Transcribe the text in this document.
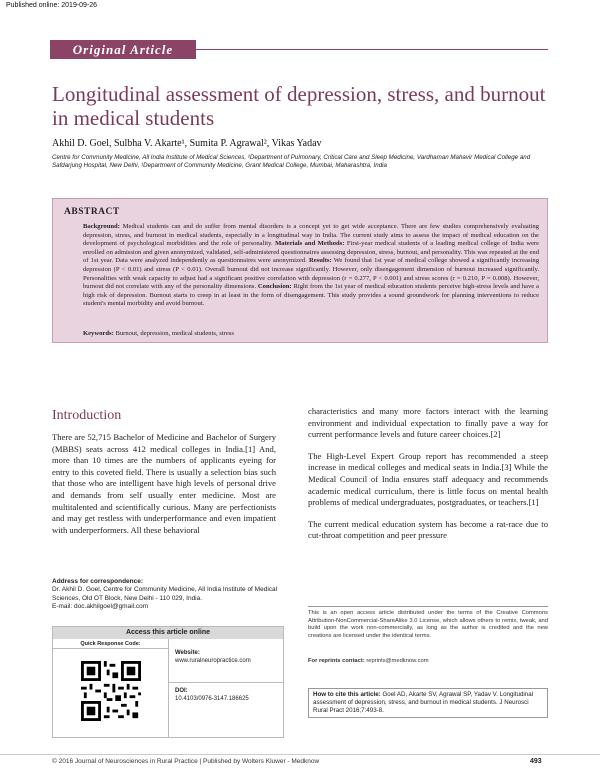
Published online: 2019-09-26
Original Article
Longitudinal assessment of depression, stress, and burnout in medical students
Akhil D. Goel, Sulbha V. Akarte¹, Sumita P. Agrawal², Vikas Yadav
Centre for Community Medicine, All India Institute of Medical Sciences, ²Department of Pulmonary, Critical Care and Sleep Medicine, Vardhaman Mahavir Medical College and Safdarjung Hospital, New Delhi, ¹Department of Community Medicine, Grant Medical College, Mumbai, Maharashtra, India
ABSTRACT
Background: Medical students can and do suffer from mental disorders is a concept yet to get wide acceptance. There are few studies comprehensively evaluating depression, stress, and burnout in medical students, especially in a longitudinal way in India. The current study aims to assess the impact of medical education on the development of psychological morbidities and the role of personality. Materials and Methods: First-year medical students of a leading medical college of India were enrolled on admission and given anonymized, validated, self-administered questionnaires assessing depression, stress, burnout, and personality. This was repeated at the end of 1st year. Data were analyzed independently as questionnaires were anonymized. Results: We found that 1st year of medical college showed a significantly increasing depression (P < 0.01) and stress (P < 0.01). Overall burnout did not increase significantly. However, only disengagement dimension of burnout increased significantly. Personalities with weak capacity to adjust had a significant positive correlation with depression (r = 0.277, P < 0.001) and stress scores (r = 0.210, P = 0.008). However, burnout did not correlate with any of the personality dimensions. Conclusion: Right from the 1st year of medical education students perceive high-stress levels and have a high risk of depression. Burnout starts to creep in at least in the form of disengagement. This study provides a sound groundwork for planning interventions to reduce student's mental morbidity and avoid burnout.
Keywords: Burnout, depression, medical students, stress
Introduction
There are 52,715 Bachelor of Medicine and Bachelor of Surgery (MBBS) seats across 412 medical colleges in India.[1] And, more than 10 times are the numbers of applicants eyeing for entry to this coveted field. There is usually a selection bias such that those who are intelligent have high levels of personal drive and demands from self usually enter medicine. Most are multitalented and scientifically curious. Many are perfectionists and may get restless with underperformance and even impatient with underperformers. All these behavioral

characteristics and many more factors interact with the learning environment and individual expectation to finally pave a way for current performance levels and future career choices.[2]

The High-Level Expert Group report has recommended a steep increase in medical colleges and medical seats in India.[3] While the Medical Council of India ensures staff adequacy and recommends academic medical curriculum, there is little focus on mental health problems of medical undergraduates, postgraduates, or teachers.[1]

The current medical education system has become a rat-race due to cut-throat competition and peer pressure

Address for correspondence:
Dr. Akhil D. Goel, Centre for Community Medicine, All India Institute of Medical Sciences, Old OT Block, New Delhi - 110 029, India.
E-mail: doc.akhilgoel@gmail.com
This is an open access article distributed under the terms of the Creative Commons Attribution-NonCommercial-ShareAlike 3.0 License, which allows others to remix, tweak, and build upon the work non-commercially, as long as the author is credited and the new creations are licensed under the identical terms.
For reprints contact: reprints@medknow.com
How to cite this article: Goel AD, Akarte SV, Agrawal SP, Yadav V. Longitudinal assessment of depression, stress, and burnout in medical students. J Neurosci Rural Pract 2016;7:493-8.
© 2016 Journal of Neurosciences in Rural Practice | Published by Wolters Kluwer - Medknow	493
Access this article online
Quick Response Code:
Website:
www.ruralneuropractice.com
DOI:
10.4103/0976-3147.186625
